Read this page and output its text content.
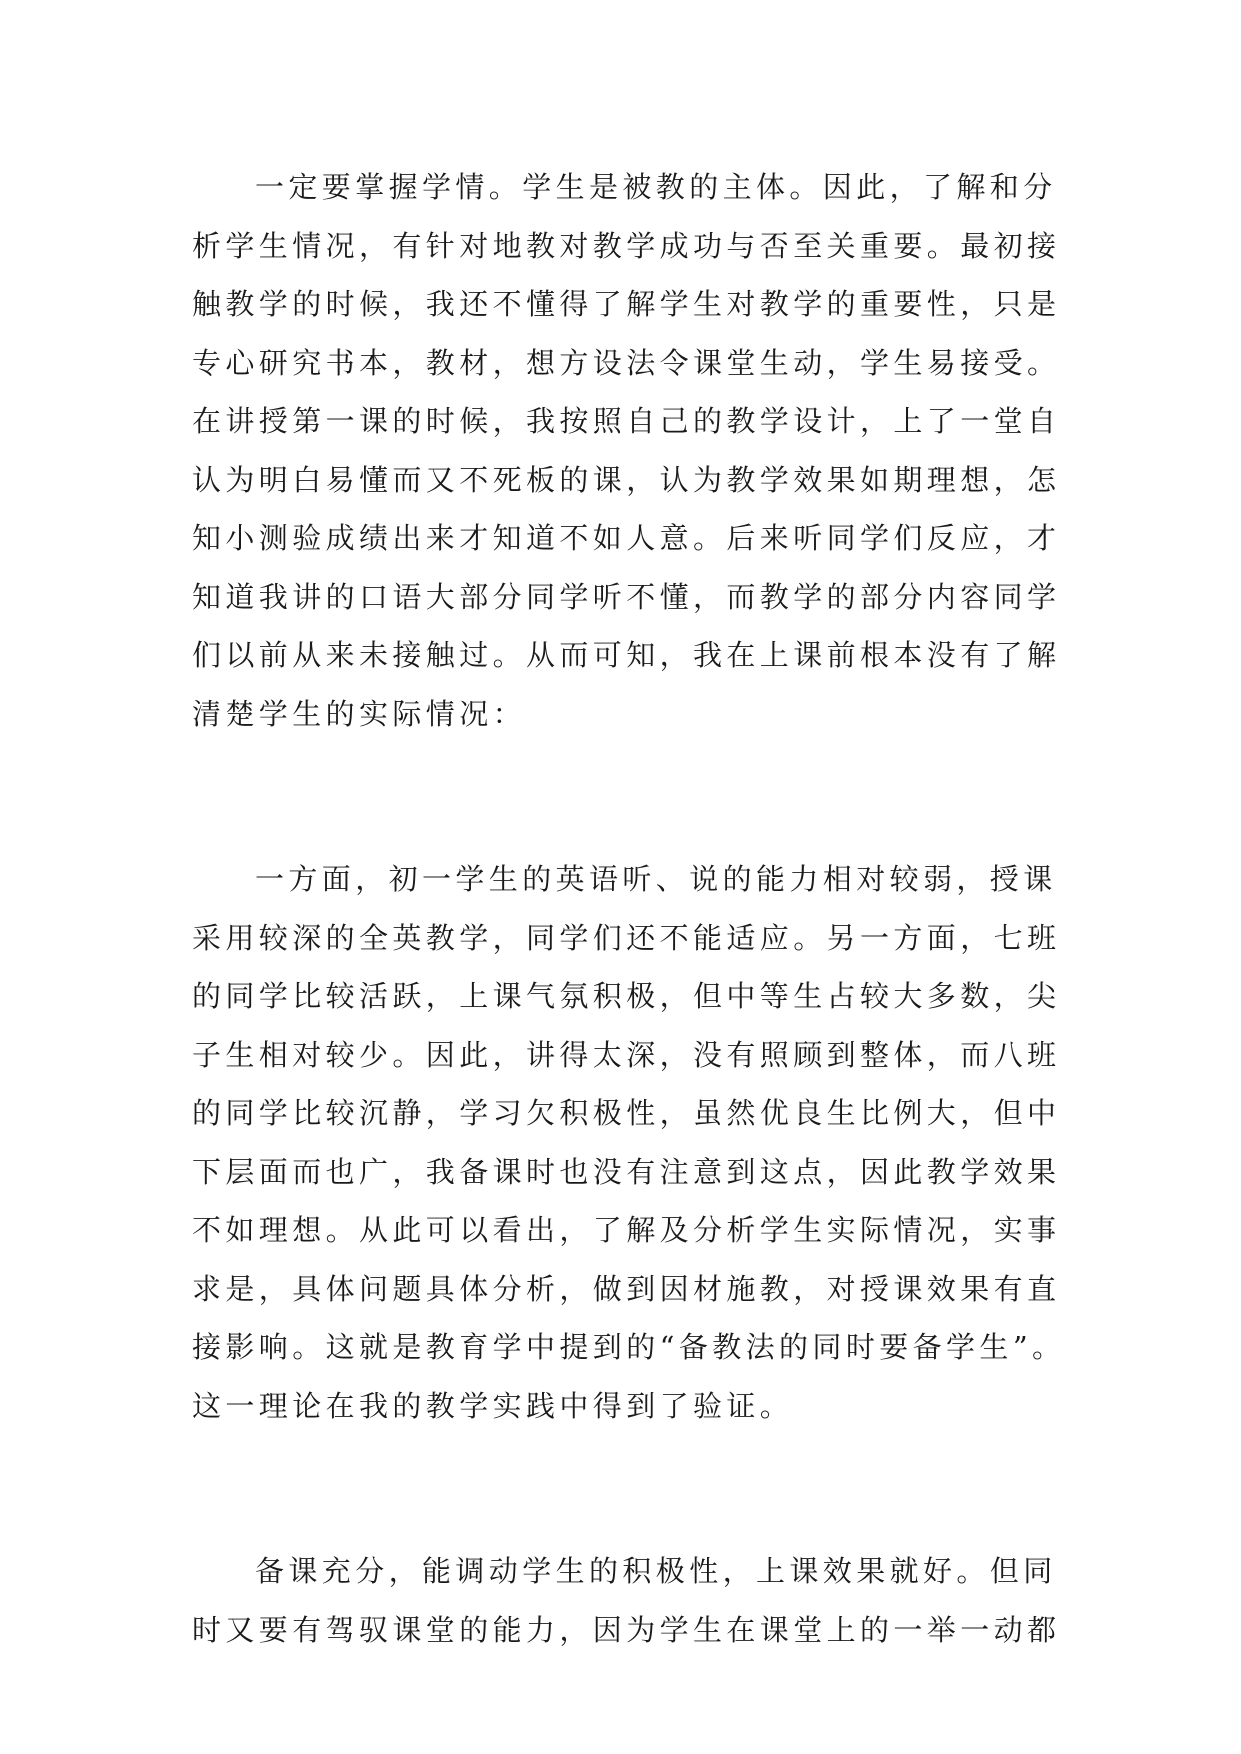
一定要掌握学情。学生是被教的主体。因此，了解和分
析学生情况，有针对地教对教学成功与否至关重要。最初接
触教学的时候，我还不懂得了解学生对教学的重要性，只是
专心研究书本，教材，想方设法令课堂生动，学生易接受。
在讲授第一课的时候，我按照自己的教学设计，上了一堂自
认为明白易懂而又不死板的课，认为教学效果如期理想，怎
知小测验成绩出来才知道不如人意。后来听同学们反应，才
知道我讲的口语大部分同学听不懂，而教学的部分内容同学
们以前从来未接触过。从而可知，我在上课前根本没有了解
清楚学生的实际情况：
一方面，初一学生的英语听、说的能力相对较弱，授课
采用较深的全英教学，同学们还不能适应。另一方面，七班
的同学比较活跃，上课气氛积极，但中等生占较大多数，尖
子生相对较少。因此，讲得太深，没有照顾到整体，而八班
的同学比较沉静，学习欠积极性，虽然优良生比例大，但中
下层面而也广，我备课时也没有注意到这点，因此教学效果
不如理想。从此可以看出，了解及分析学生实际情况，实事
求是，具体问题具体分析，做到因材施教，对授课效果有直
接影响。这就是教育学中提到的“备教法的同时要备学生”。
这一理论在我的教学实践中得到了验证。
备课充分，能调动学生的积极性，上课效果就好。但同
时又要有驾驭课堂的能力，因为学生在课堂上的一举一动都
